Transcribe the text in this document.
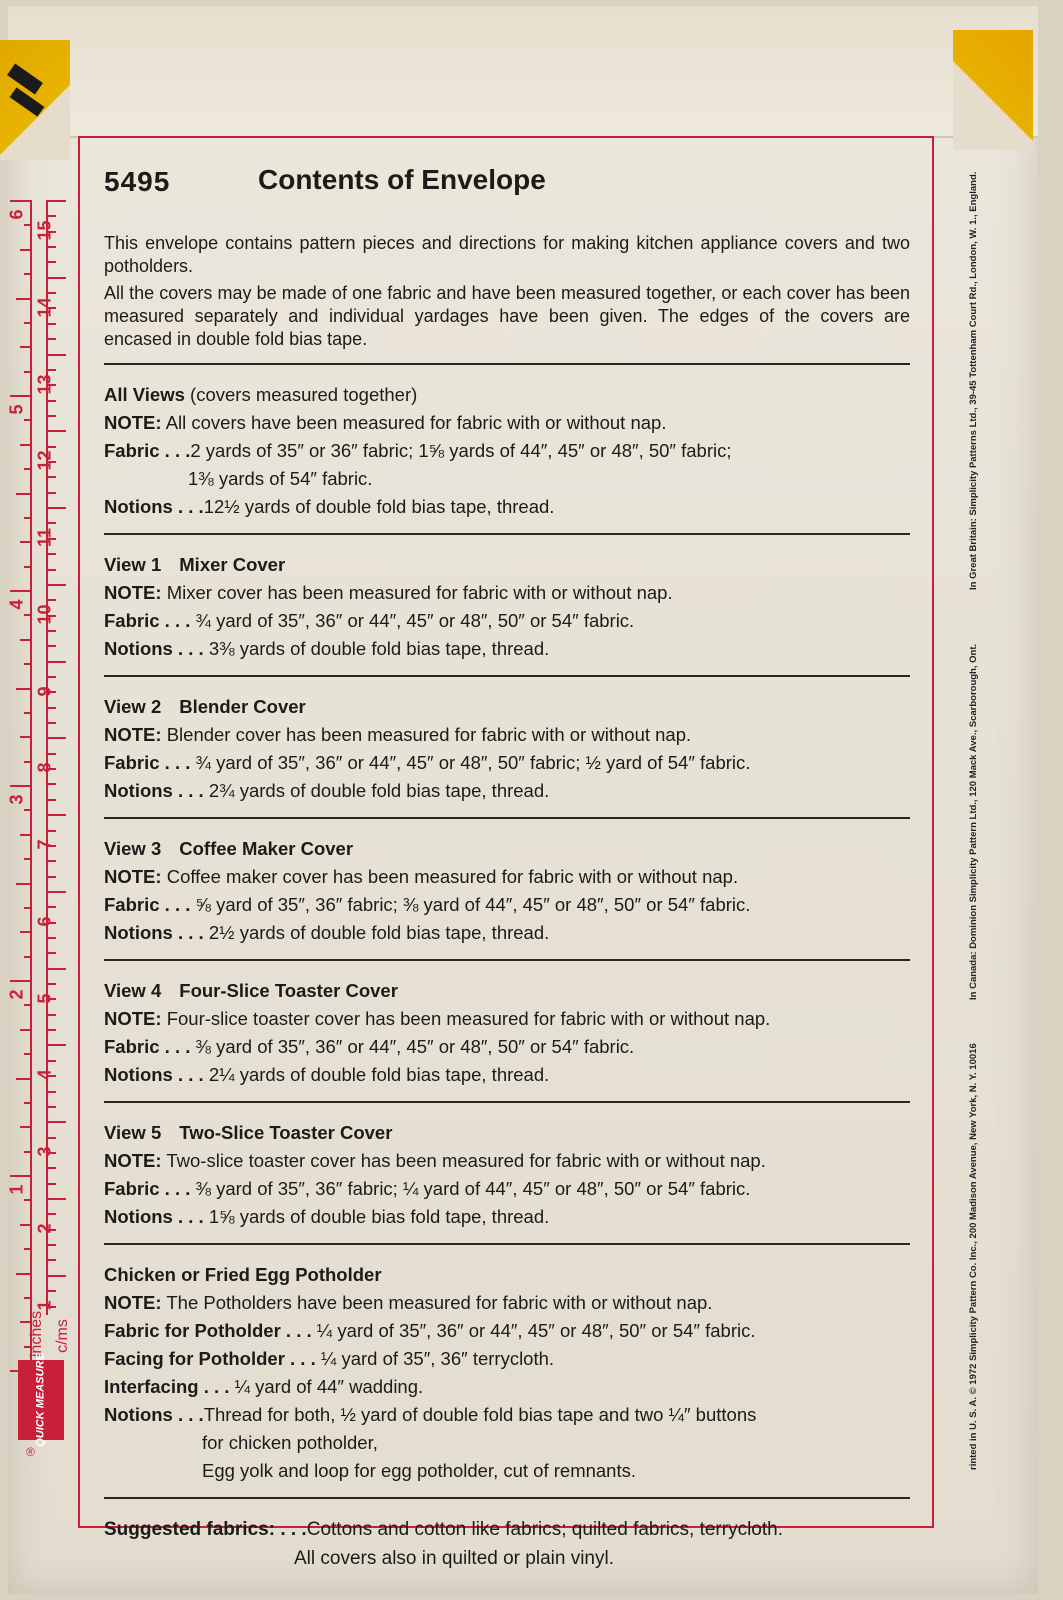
6
5
4
3
2
1
15
14
13
12
11
10
9
8
7
6
5
4
3
2
1
inches c/ms
QUICK MEASURE
®	rinted in U. S. A. © 1972 Simplicity Pattern Co. Inc., 200 Madison Avenue, New York, N. Y. 10016
In Canada: Dominion Simplicity Pattern Ltd., 120 Mack Ave., Scarborough, Ont.
In Great Britain: Simplicity Patterns Ltd., 39-45 Tottenham Court Rd., London, W. 1., England.
5495	Contents of Envelope

This envelope contains pattern pieces and directions for making kitchen appliance covers and two potholders.

All the covers may be made of one fabric and have been measured together, or each cover has been measured separately and individual yardages have been given. The edges of the covers are encased in double fold bias tape.

All Views (covers measured together)
NOTE: All covers have been measured for fabric with or without nap.
Fabric . . .2 yards of 35″ or 36″ fabric; 1⅝ yards of 44″, 45″ or 48″, 50″ fabric;
1⅜ yards of 54″ fabric.
Notions . . .12½ yards of double fold bias tape, thread.
View 1 Mixer Cover
NOTE: Mixer cover has been measured for fabric with or without nap.
Fabric . . . ¾ yard of 35″, 36″ or 44″, 45″ or 48″, 50″ or 54″ fabric.
Notions . . . 3⅜ yards of double fold bias tape, thread.
View 2 Blender Cover
NOTE: Blender cover has been measured for fabric with or without nap.
Fabric . . . ¾ yard of 35″, 36″ or 44″, 45″ or 48″, 50″ fabric; ½ yard of 54″ fabric.
Notions . . . 2¾ yards of double fold bias tape, thread.
View 3 Coffee Maker Cover
NOTE: Coffee maker cover has been measured for fabric with or without nap.
Fabric . . . ⅝ yard of 35″, 36″ fabric; ⅜ yard of 44″, 45″ or 48″, 50″ or 54″ fabric.
Notions . . . 2½ yards of double fold bias tape, thread.
View 4 Four-Slice Toaster Cover
NOTE: Four-slice toaster cover has been measured for fabric with or without nap.
Fabric . . . ⅜ yard of 35″, 36″ or 44″, 45″ or 48″, 50″ or 54″ fabric.
Notions . . . 2¼ yards of double fold bias tape, thread.
View 5 Two-Slice Toaster Cover
NOTE: Two-slice toaster cover has been measured for fabric with or without nap.
Fabric . . . ⅜ yard of 35″, 36″ fabric; ¼ yard of 44″, 45″ or 48″, 50″ or 54″ fabric.
Notions . . . 1⅝ yards of double bias fold tape, thread.
Chicken or Fried Egg Potholder
NOTE: The Potholders have been measured for fabric with or without nap.
Fabric for Potholder . . . ¼ yard of 35″, 36″ or 44″, 45″ or 48″, 50″ or 54″ fabric.
Facing for Potholder . . . ¼ yard of 35″, 36″ terrycloth.
Interfacing . . . ¼ yard of 44″ wadding.
Notions . . .Thread for both, ½ yard of double fold bias tape and two ¼″ buttons
for chicken potholder,
Egg yolk and loop for egg potholder, cut of remnants.
Suggested fabrics: . . .Cottons and cotton like fabrics; quilted fabrics, terrycloth.
All covers also in quilted or plain vinyl.
